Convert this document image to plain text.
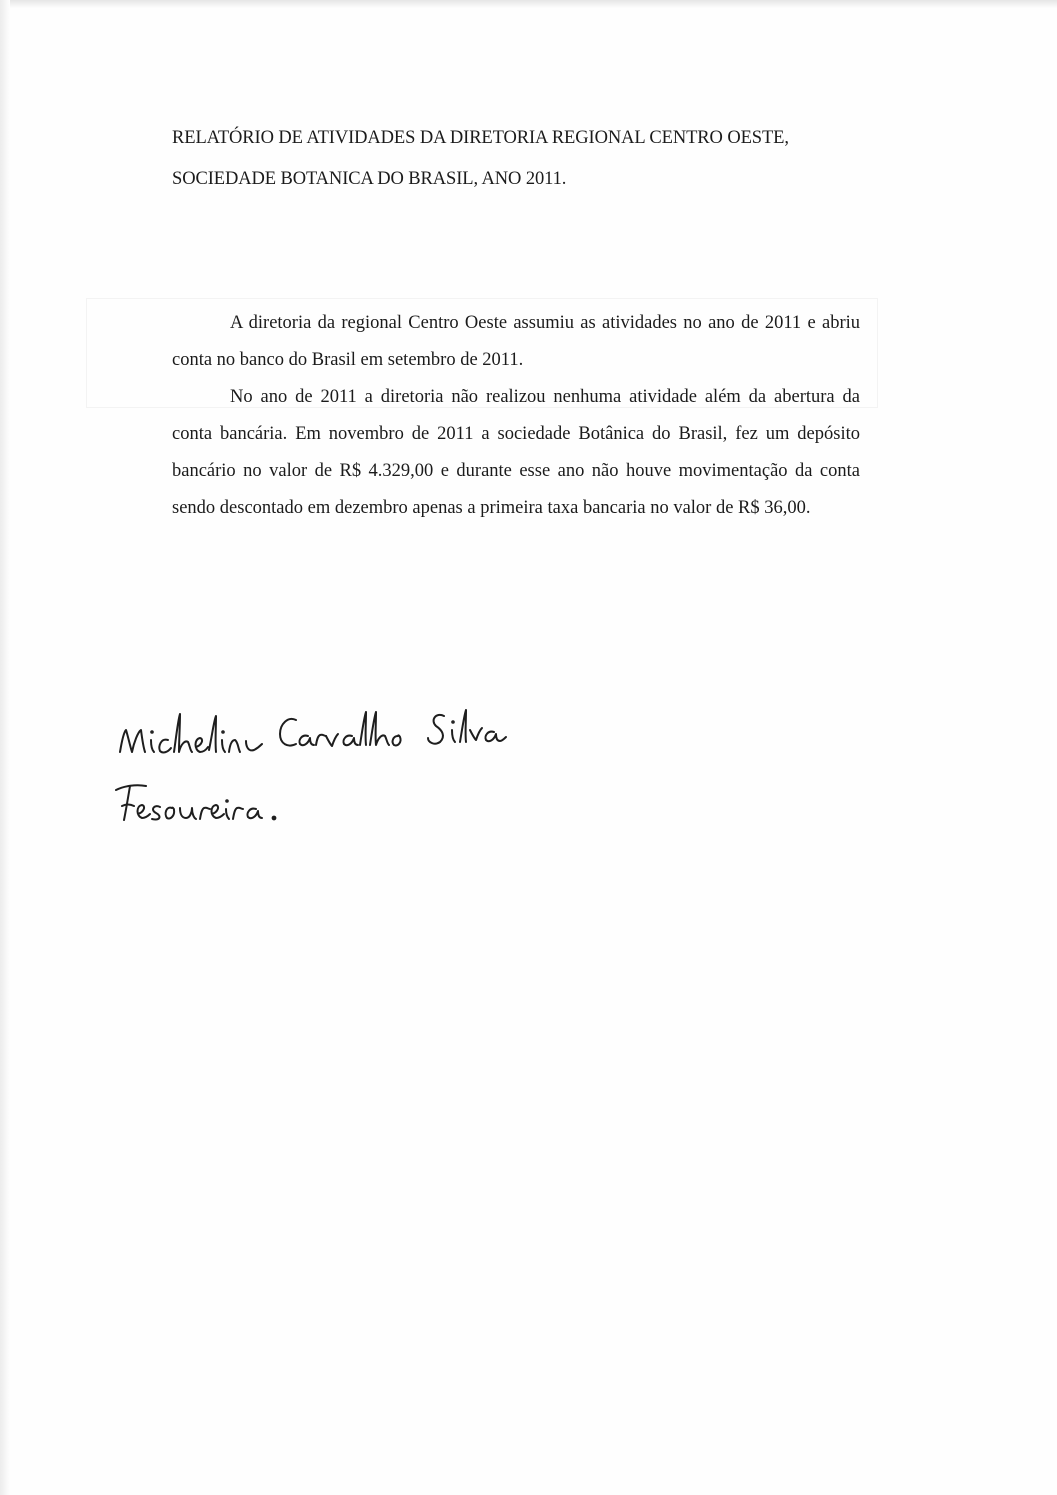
RELATÓRIO DE ATIVIDADES DA DIRETORIA REGIONAL CENTRO OESTE,
SOCIEDADE BOTANICA DO BRASIL, ANO 2011.

A diretoria da regional Centro Oeste assumiu as atividades no ano de 2011 e abriu conta no banco do Brasil em setembro de 2011.

No ano de 2011 a diretoria não realizou nenhuma atividade além da abertura da conta bancária. Em novembro de 2011 a sociedade Botânica do Brasil, fez um depósito bancário no valor de R$ 4.329,00 e durante esse ano não houve movimentação da conta sendo descontado em dezembro apenas a primeira taxa bancaria no valor de R$ 36,00.
